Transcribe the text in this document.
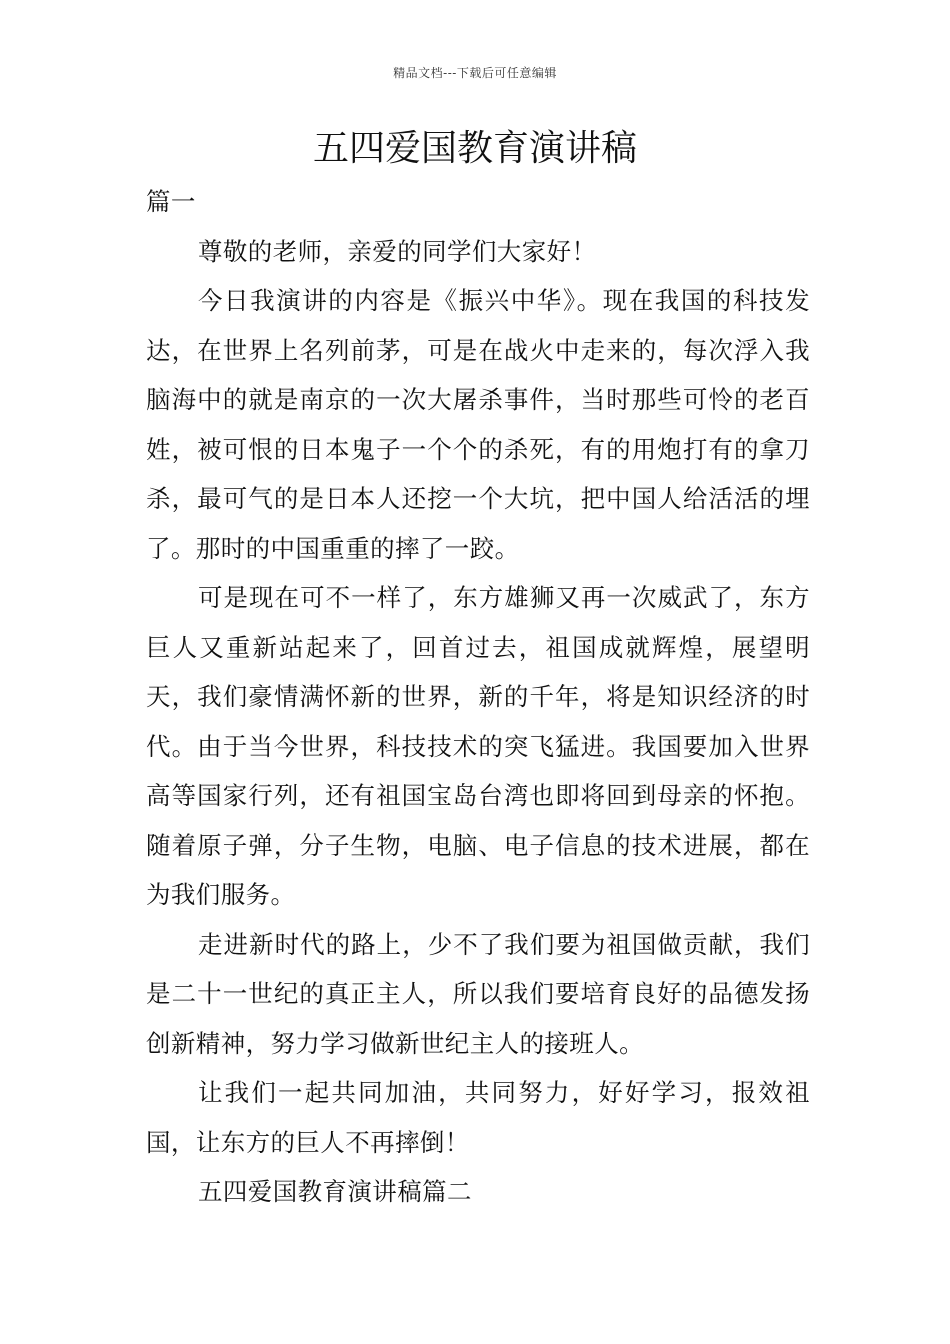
精品文档---下载后可任意编辑
五四爱国教育演讲稿

篇一

尊敬的老师，亲爱的同学们大家好！

今日我演讲的内容是《振兴中华》。现在我国的科技发达，在世界上名列前茅，可是在战火中走来的，每次浮入我脑海中的就是南京的一次大屠杀事件，当时那些可怜的老百姓，被可恨的日本鬼子一个个的杀死，有的用炮打有的拿刀杀，最可气的是日本人还挖一个大坑，把中国人给活活的埋了。那时的中国重重的摔了一跤。

可是现在可不一样了，东方雄狮又再一次威武了，东方巨人又重新站起来了，回首过去，祖国成就辉煌，展望明天，我们豪情满怀新的世界，新的千年，将是知识经济的时代。由于当今世界，科技技术的突飞猛进。我国要加入世界高等国家行列，还有祖国宝岛台湾也即将回到母亲的怀抱。随着原子弹，分子生物，电脑、电子信息的技术进展，都在为我们服务。

走进新时代的路上，少不了我们要为祖国做贡献，我们是二十一世纪的真正主人，所以我们要培育良好的品德发扬创新精神，努力学习做新世纪主人的接班人。

让我们一起共同加油，共同努力，好好学习，报效祖国，让东方的巨人不再摔倒！

五四爱国教育演讲稿篇二
